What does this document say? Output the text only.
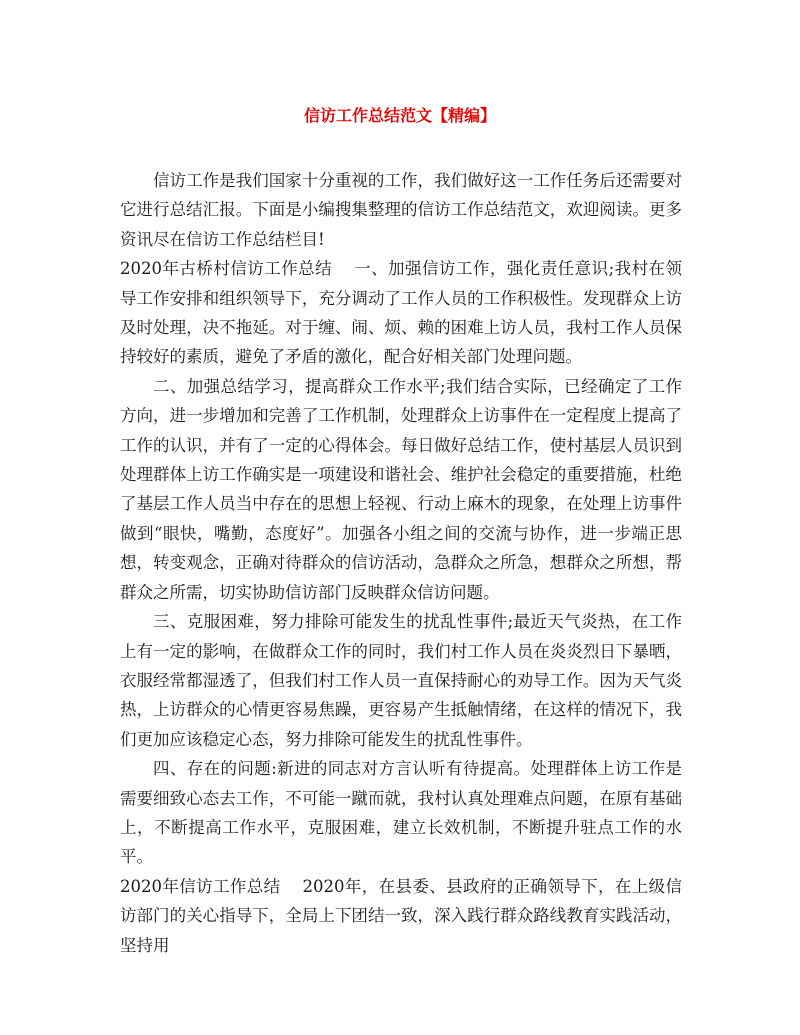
信访工作总结范文【精编】

信访工作是我们国家十分重视的工作，我们做好这一工作任务后还需要对它进行总结汇报。下面是小编搜集整理的信访工作总结范文，欢迎阅读。更多资讯尽在信访工作总结栏目!

2020年古桥村信访工作总结 一、加强信访工作，强化责任意识;我村在领导工作安排和组织领导下，充分调动了工作人员的工作积极性。发现群众上访及时处理，决不拖延。对于缠、闹、烦、赖的困难上访人员，我村工作人员保持较好的素质，避免了矛盾的激化，配合好相关部门处理问题。

二、加强总结学习，提高群众工作水平;我们结合实际，已经确定了工作方向，进一步增加和完善了工作机制，处理群众上访事件在一定程度上提高了工作的认识，并有了一定的心得体会。每日做好总结工作，使村基层人员识到处理群体上访工作确实是一项建设和谐社会、维护社会稳定的重要措施，杜绝了基层工作人员当中存在的思想上轻视、行动上麻木的现象，在处理上访事件做到“眼快，嘴勤，态度好”。加强各小组之间的交流与协作，进一步端正思想，转变观念，正确对待群众的信访活动，急群众之所急，想群众之所想，帮群众之所需，切实协助信访部门反映群众信访问题。

三、克服困难，努力排除可能发生的扰乱性事件;最近天气炎热，在工作上有一定的影响，在做群众工作的同时，我们村工作人员在炎炎烈日下暴晒，衣服经常都湿透了，但我们村工作人员一直保持耐心的劝导工作。因为天气炎热，上访群众的心情更容易焦躁，更容易产生抵触情绪，在这样的情况下，我们更加应该稳定心态，努力排除可能发生的扰乱性事件。

四、存在的问题:新进的同志对方言认听有待提高。处理群体上访工作是需要细致心态去工作，不可能一蹴而就，我村认真处理难点问题，在原有基础上，不断提高工作水平，克服困难，建立长效机制，不断提升驻点工作的水平。

2020年信访工作总结 2020年，在县委、县政府的正确领导下，在上级信访部门的关心指导下，全局上下团结一致，深入践行群众路线教育实践活动，坚持用
